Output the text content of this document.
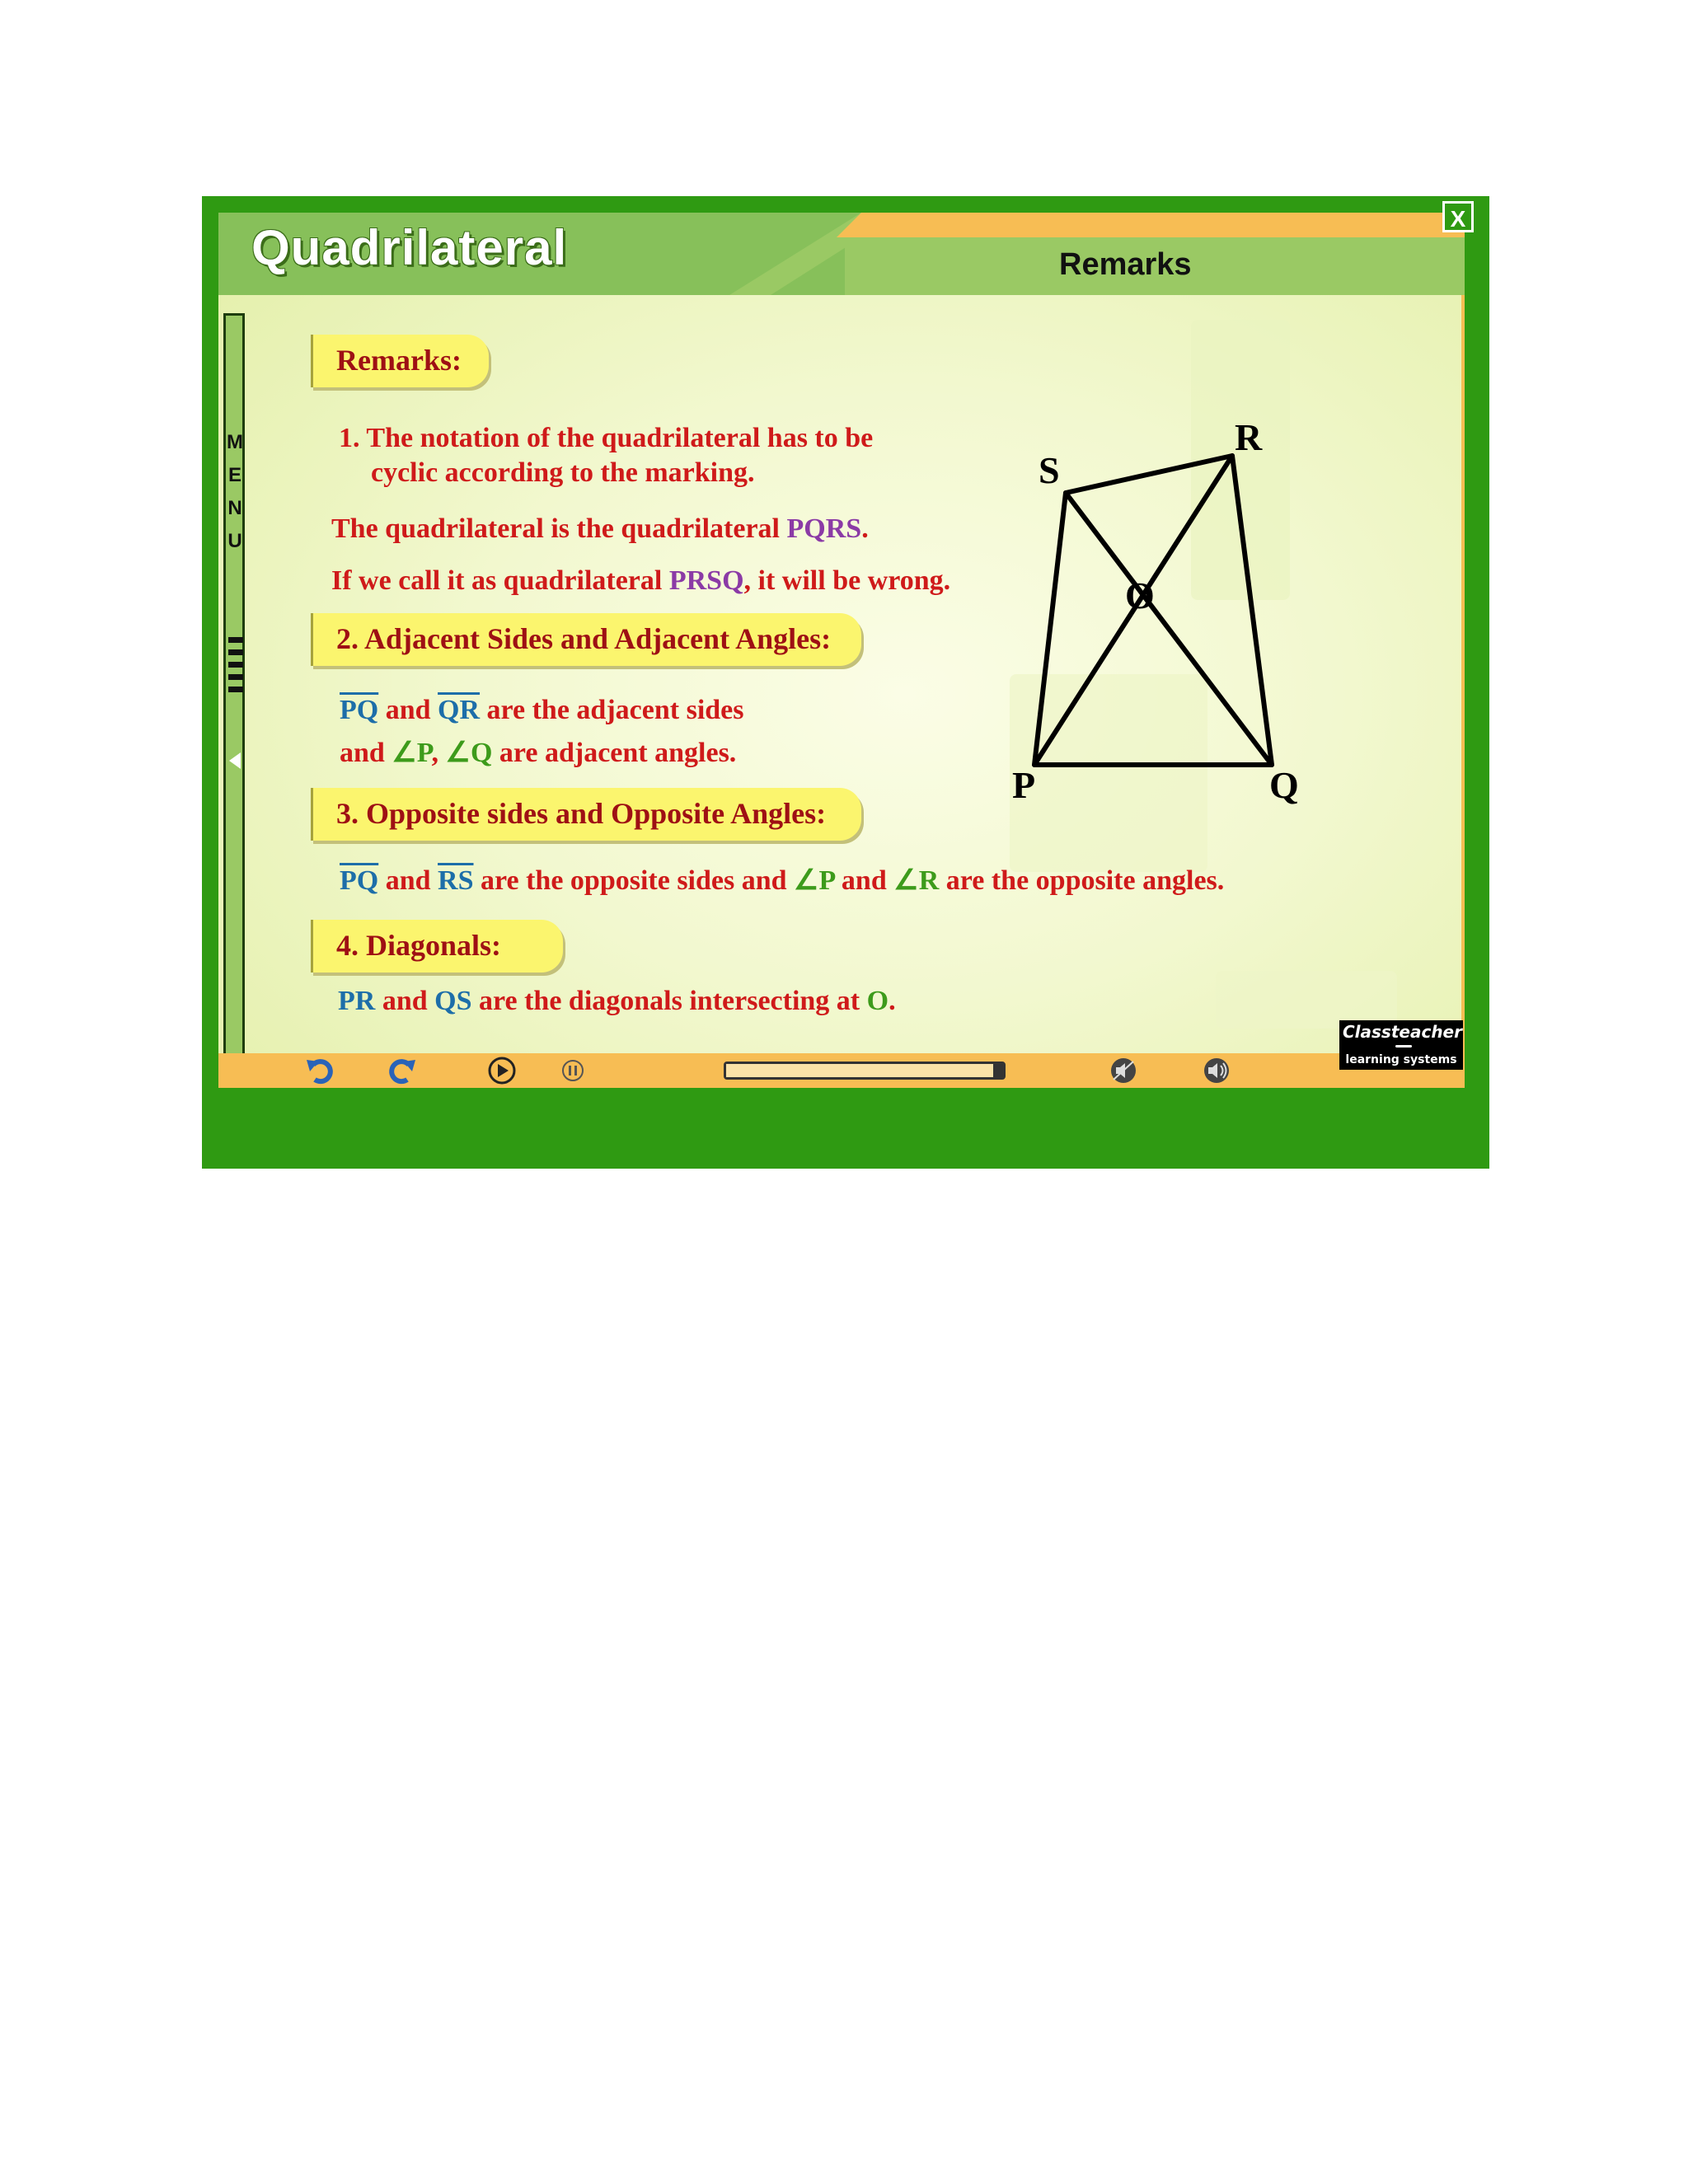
Quadrilateral	Remarks
M
E
N
U
Remarks:
1. The notation of the quadrilateral has to be
cyclic according to the marking.
The quadrilateral is the quadrilateral PQRS.
If we call it as quadrilateral PRSQ, it will be wrong.
2. Adjacent Sides and Adjacent Angles:
$\overline{PQ}$ and $\overline{QR}$ are the adjacent sides
and ∠P, ∠Q are adjacent angles.
3. Opposite sides and Opposite Angles:
$\overline{PQ}$ and $\overline{RS}$ are the opposite sides and ∠P and ∠R are the opposite angles.
4. Diagonals:
PR and QS are the diagonals intersecting at O.
P	Q
R
S
O
X
Classteacher
learning systems
